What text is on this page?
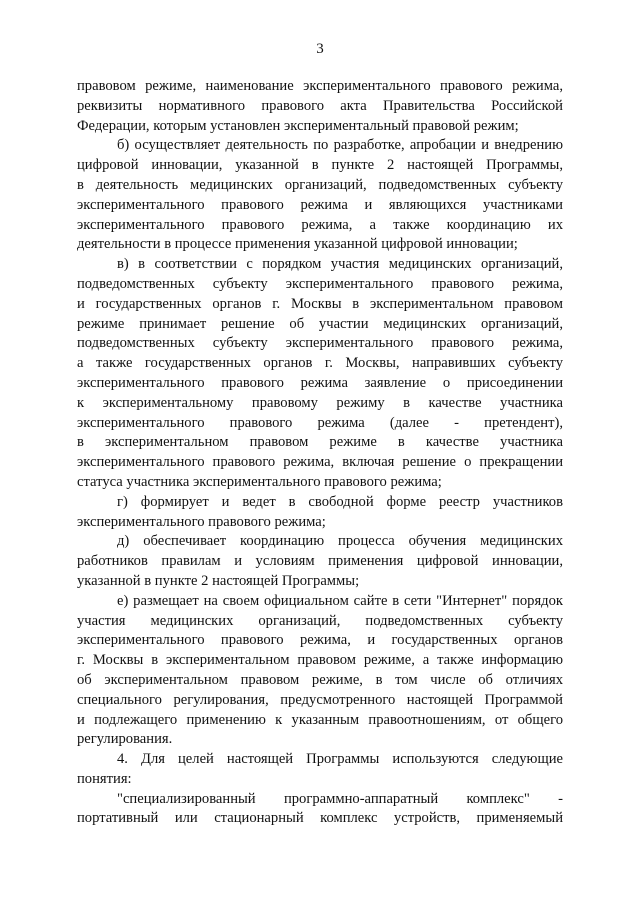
3

правовом режиме, наименование экспериментального правового режима,
реквизиты нормативного правового акта Правительства Российской
Федерации, которым установлен экспериментальный правовой режим;

б) осуществляет деятельность по разработке, апробации и внедрению
цифровой инновации, указанной в пункте 2 настоящей Программы,
в деятельность медицинских организаций, подведомственных субъекту
экспериментального правового режима и являющихся участниками
экспериментального правового режима, а также координацию их
деятельности в процессе применения указанной цифровой инновации;

в) в соответствии с порядком участия медицинских организаций,
подведомственных субъекту экспериментального правового режима,
и государственных органов г. Москвы в экспериментальном правовом
режиме принимает решение об участии медицинских организаций,
подведомственных субъекту экспериментального правового режима,
а также государственных органов г. Москвы, направивших субъекту
экспериментального правового режима заявление о присоединении
к экспериментальному правовому режиму в качестве участника
экспериментального правового режима (далее - претендент),
в экспериментальном правовом режиме в качестве участника
экспериментального правового режима, включая решение о прекращении
статуса участника экспериментального правового режима;

г) формирует и ведет в свободной форме реестр участников
экспериментального правового режима;

д) обеспечивает координацию процесса обучения медицинских
работников правилам и условиям применения цифровой инновации,
указанной в пункте 2 настоящей Программы;

е) размещает на своем официальном сайте в сети "Интернет" порядок
участия медицинских организаций, подведомственных субъекту
экспериментального правового режима, и государственных органов
г. Москвы в экспериментальном правовом режиме, а также информацию
об экспериментальном правовом режиме, в том числе об отличиях
специального регулирования, предусмотренного настоящей Программой
и подлежащего применению к указанным правоотношениям, от общего
регулирования.

4. Для целей настоящей Программы используются следующие
понятия:

"специализированный программно-аппаратный комплекс" -
портативный или стационарный комплекс устройств, применяемый
